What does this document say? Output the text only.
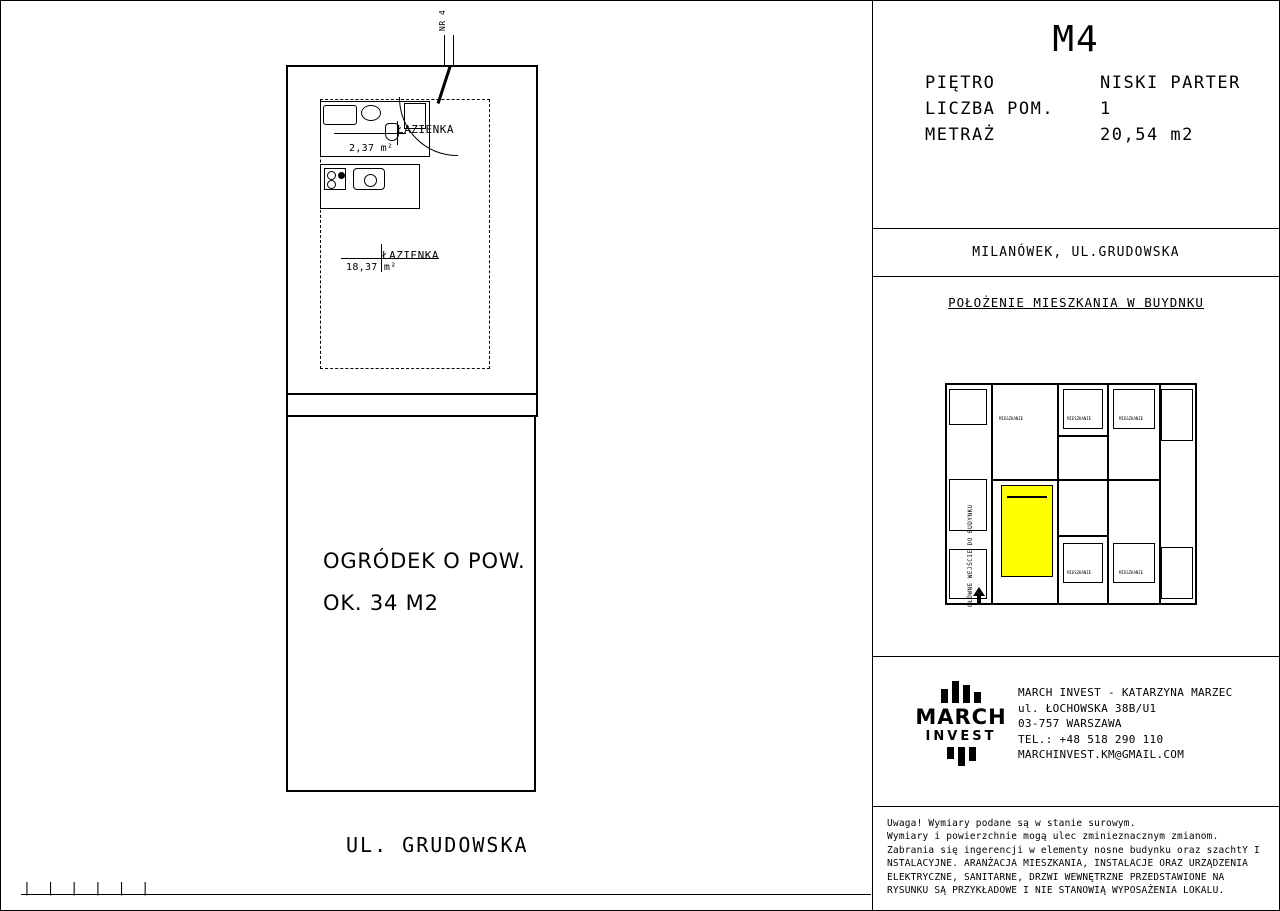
NR 4
ŁAZIENKA
2,37 m²
ŁAZIENKA
18,37 m²
OGRÓDEK O POW.
OK. 34 M2
UL. GRUDOWSKA
| | | | | |
M4
PIĘTRO	NISKI PARTER
LICZBA POM.	1
METRAŻ	20,54 m2
MILANÓWEK, UL.GRUDOWSKA
POŁOŻENIE MIESZKANIA W BUYDNKU
MIESZKANIE	MIESZKANIE	MIESZKANIE
MIESZKANIE	MIESZKANIE
GŁÓWNE WEJŚCIE DO BUDYNKU
MARCH
INVEST
MARCH INVEST - KATARZYNA MARZEC
ul. ŁOCHOWSKA 38B/U1
03-757 WARSZAWA
TEL.: +48 518 290 110
MARCHINVEST.KM@GMAIL.COM
Uwaga! Wymiary podane są w stanie surowym.
Wymiary i powierzchnie mogą ulec zminieznacznym zmianom.
Zabrania się ingerencji w elementy nosne budynku oraz szachtY I
NSTALACYJNE. ARANŻACJA MIESZKANIA, INSTALACJE ORAZ URZĄDZENIA
ELEKTRYCZNE, SANITARNE, DRZWI WEWNĘTRZNE PRZEDSTAWIONE NA
RYSUNKU SĄ PRZYKŁADOWE I NIE STANOWIĄ WYPOSAŻENIA LOKALU.
